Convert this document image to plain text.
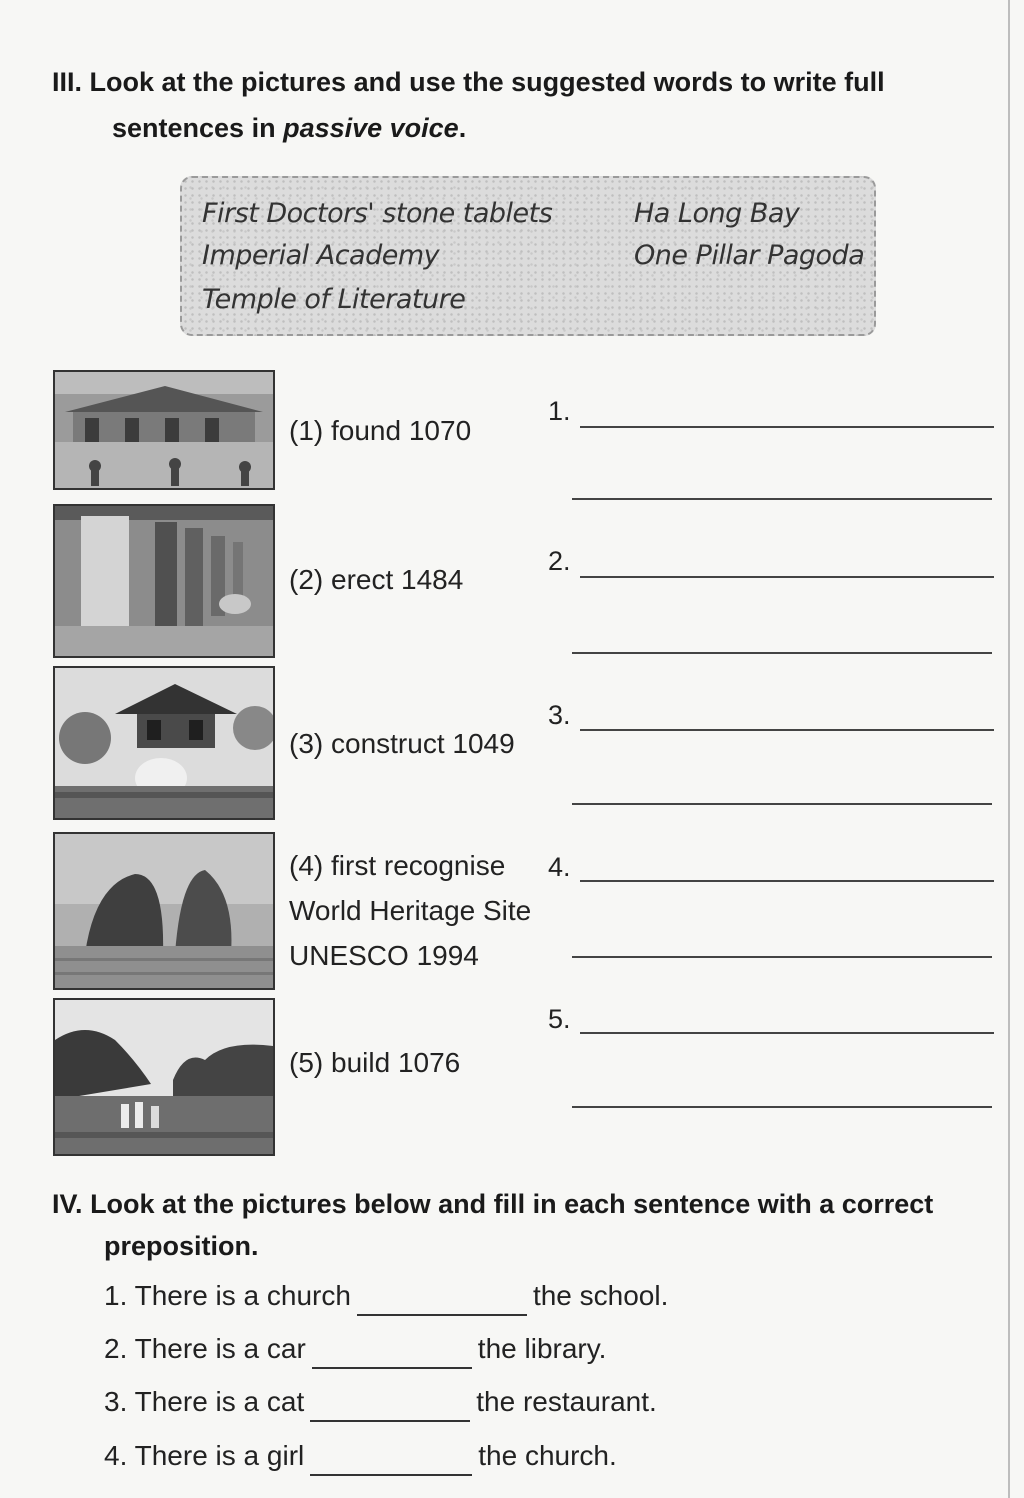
III. Look at the pictures and use the suggested words to write full
sentences in passive voice.
First Doctors' stone tablets	Ha Long Bay
Imperial Academy	One Pillar Pagoda
Temple of Literature
(1) found 1070
1.
(2) erect 1484
2.
(3) construct 1049
3.
(4) first recognise
World Heritage Site
UNESCO 1994
4.
(5) build 1076
5.
IV. Look at the pictures below and fill in each sentence with a correct
preposition.
1. There is a church	the school.
2. There is a car	the library.
3. There is a cat	the restaurant.
4. There is a girl	the church.
